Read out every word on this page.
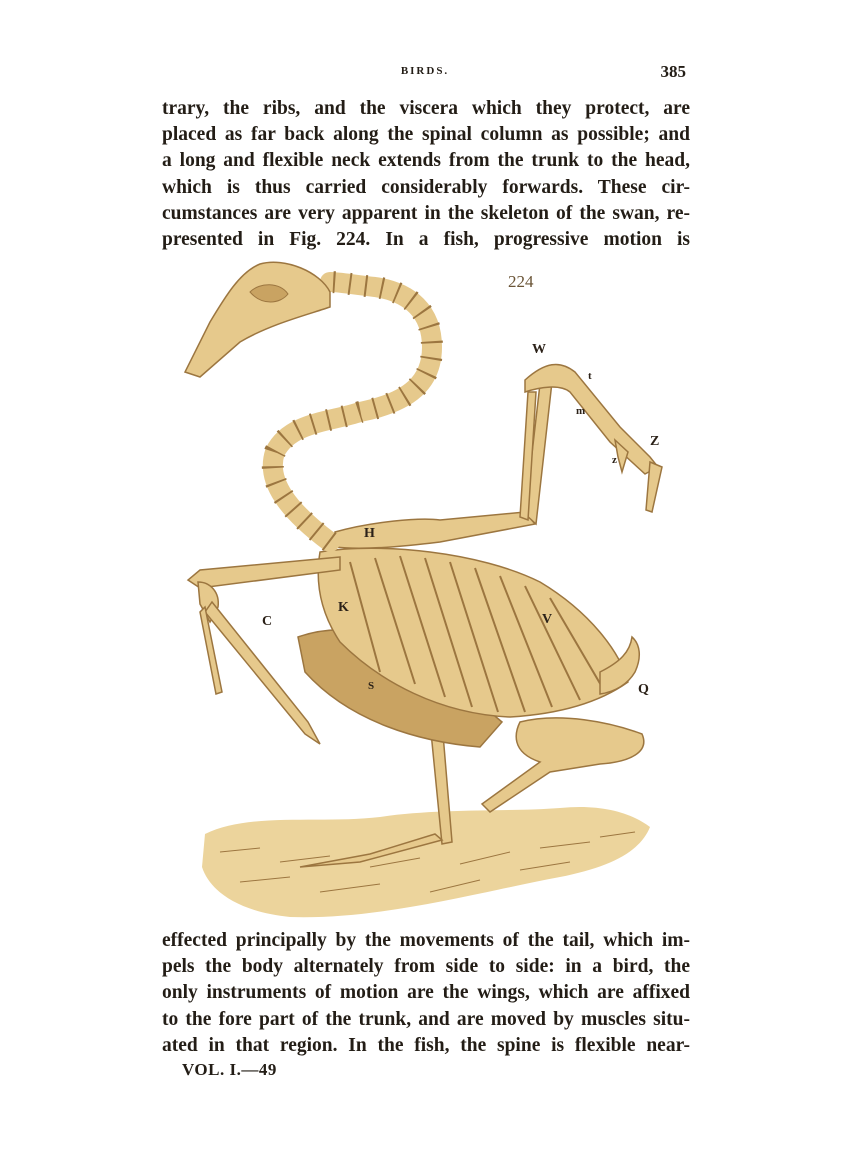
BIRDS.	385
trary, the ribs, and the viscera which they protect, are
placed as far back along the spinal column as possible; and
a long and flexible neck extends from the trunk to the head,
which is thus carried considerably forwards. These cir-
cumstances are very apparent in the skeleton of the swan, re-
presented in Fig. 224. In a fish, progressive motion is
224
W
t
m
z
Z
H
C
K
V
S	Q
effected principally by the movements of the tail, which im-
pels the body alternately from side to side: in a bird, the
only instruments of motion are the wings, which are affixed
to the fore part of the trunk, and are moved by muscles situ-
ated in that region. In the fish, the spine is flexible near-
VOL. I.—49
